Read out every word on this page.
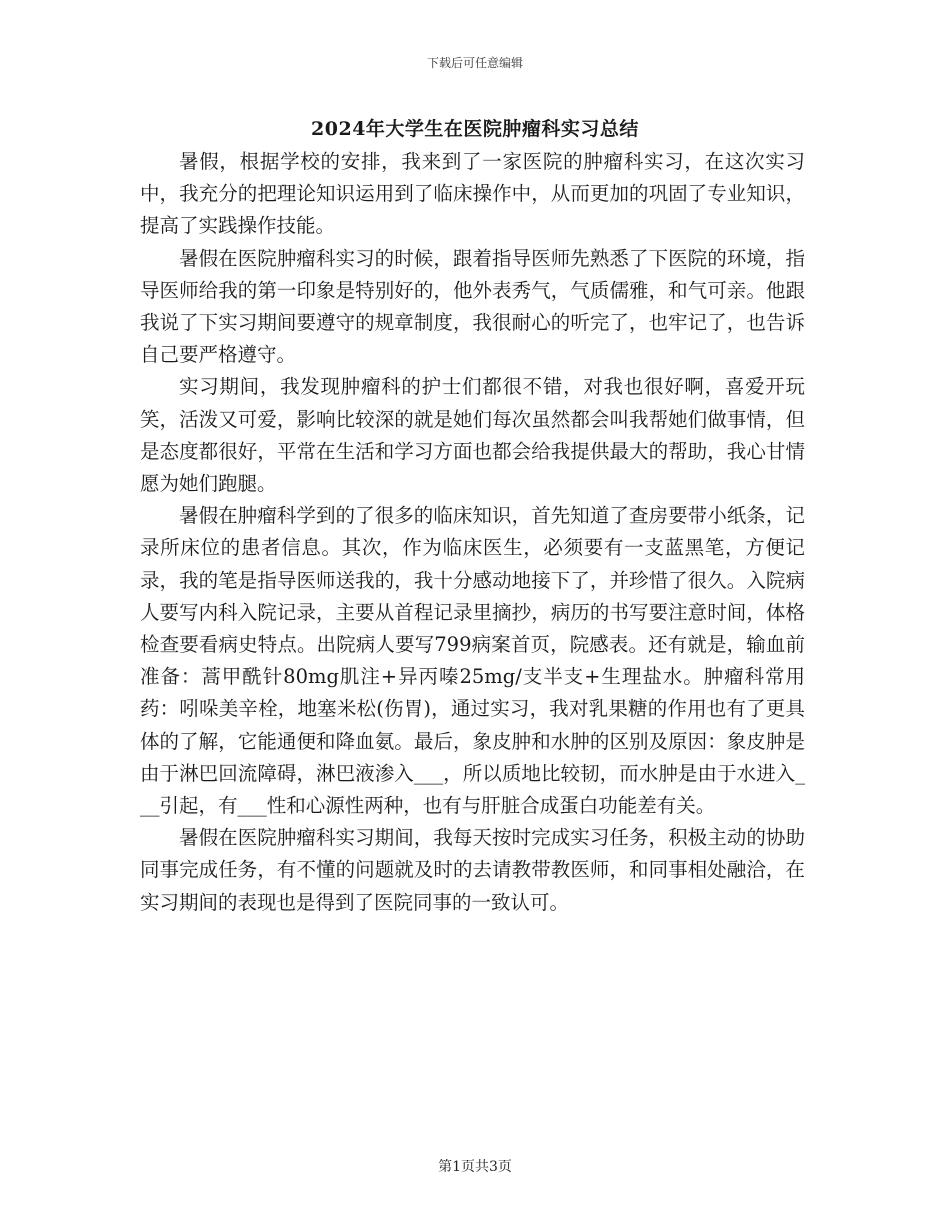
下载后可任意编辑
2024年大学生在医院肿瘤科实习总结

暑假，根据学校的安排，我来到了一家医院的肿瘤科实习，在这次实习中，我充分的把理论知识运用到了临床操作中，从而更加的巩固了专业知识，提高了实践操作技能。

暑假在医院肿瘤科实习的时候，跟着指导医师先熟悉了下医院的环境，指导医师给我的第一印象是特别好的，他外表秀气，气质儒雅，和气可亲。他跟我说了下实习期间要遵守的规章制度，我很耐心的听完了，也牢记了，也告诉自己要严格遵守。

实习期间，我发现肿瘤科的护士们都很不错，对我也很好啊，喜爱开玩笑，活泼又可爱，影响比较深的就是她们每次虽然都会叫我帮她们做事情，但是态度都很好，平常在生活和学习方面也都会给我提供最大的帮助，我心甘情愿为她们跑腿。

暑假在肿瘤科学到的了很多的临床知识，首先知道了查房要带小纸条，记录所床位的患者信息。其次，作为临床医生，必须要有一支蓝黑笔，方便记录，我的笔是指导医师送我的，我十分感动地接下了，并珍惜了很久。入院病人要写内科入院记录，主要从首程记录里摘抄，病历的书写要注意时间，体格检查要看病史特点。出院病人要写799病案首页，院感表。还有就是，输血前准备：蒿甲酰针80mg肌注+异丙嗪25mg/支半支+生理盐水。肿瘤科常用药：吲哚美辛栓，地塞米松(伤胃)，通过实习，我对乳果糖的作用也有了更具体的了解，它能通便和降血氨。最后，象皮肿和水肿的区别及原因：象皮肿是由于淋巴回流障碍，淋巴液渗入___，所以质地比较韧，而水肿是由于水进入___引起，有___性和心源性两种，也有与肝脏合成蛋白功能差有关。

暑假在医院肿瘤科实习期间，我每天按时完成实习任务，积极主动的协助同事完成任务，有不懂的问题就及时的去请教带教医师，和同事相处融洽，在实习期间的表现也是得到了医院同事的一致认可。

第1页共3页
